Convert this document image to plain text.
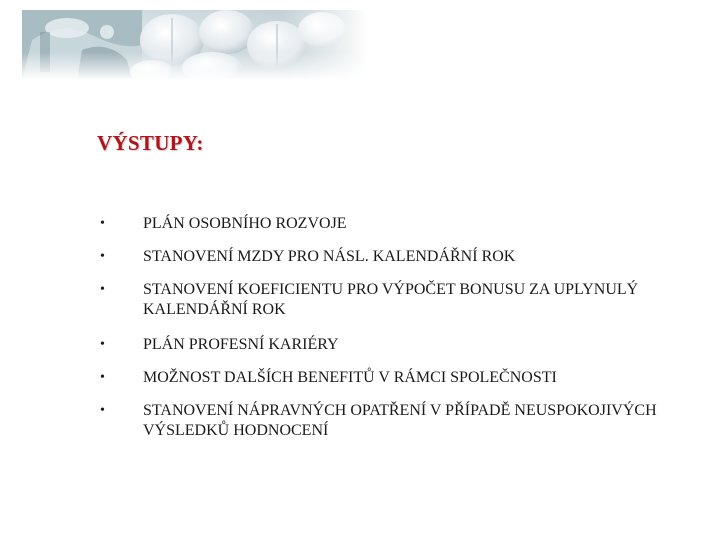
VÝSTUPY:
• PLÁN OSOBNÍHO ROZVOJE
• STANOVENÍ MZDY PRO NÁSL. KALENDÁŘNÍ ROK
• STANOVENÍ KOEFICIENTU PRO VÝPOČET BONUSU ZA UPLYNULÝ KALENDÁŘNÍ ROK
• PLÁN PROFESNÍ KARIÉRY
• MOŽNOST DALŠÍCH BENEFITŮ V RÁMCI SPOLEČNOSTI
• STANOVENÍ NÁPRAVNÝCH OPATŘENÍ V PŘÍPADĚ NEUSPOKOJIVÝCH VÝSLEDKŮ HODNOCENÍ
